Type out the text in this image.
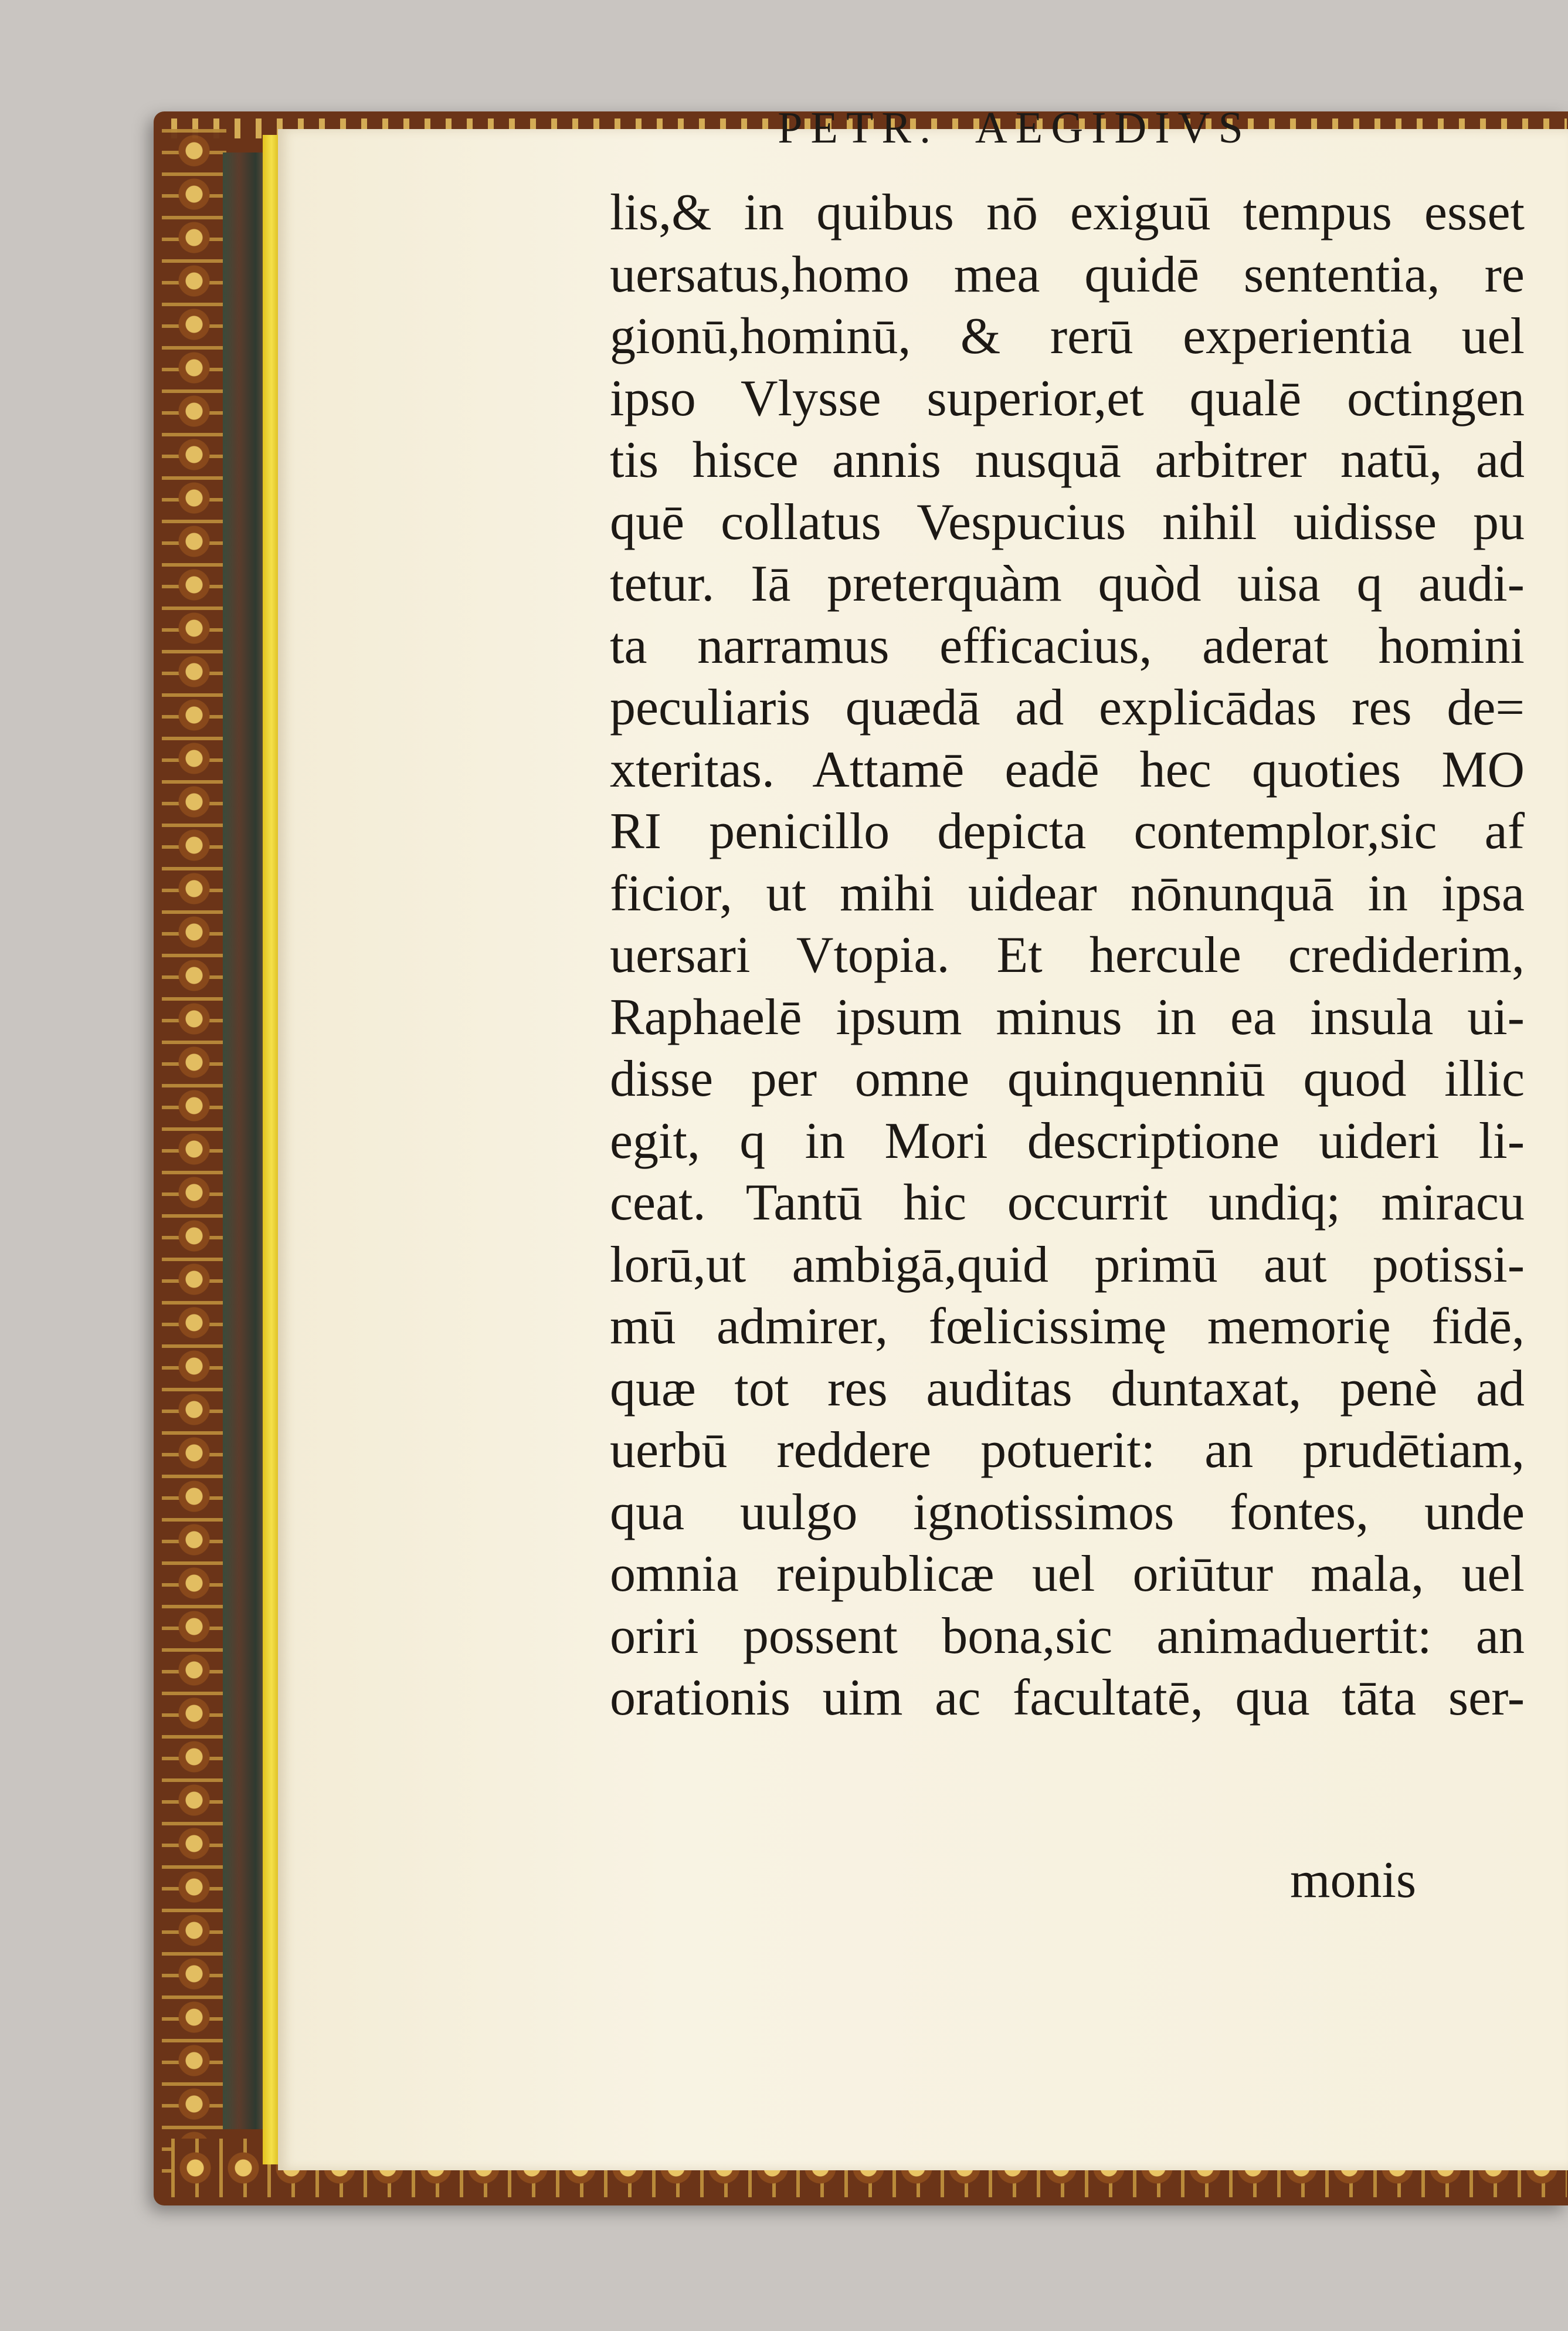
PETR.  AEGIDIVS
lis,& in quibus nō exiguū tempus esset
uersatus,homo mea quidē sententia, re
gionū,hominū, & rerū experientia uel
ipso Vlysse superior,et qualē octingen
tis hisce annis nusquā arbitrer natū, ad
quē collatus Vespucius nihil uidisse pu
tetur. Iā preterquàm quòd uisa q audi-
ta narramus efficacius, aderat homini
peculiaris quædā ad explicādas res de=
xteritas. Attamē eadē hec quoties MO
RI penicillo depicta contemplor,sic af
ficior, ut mihi uidear nōnunquā in ipsa
uersari Vtopia. Et hercule crediderim,
Raphaelē ipsum minus in ea insula ui-
disse per omne quinquenniū quod illic
egit, q in Mori descriptione uideri li-
ceat. Tantū hic occurrit undiq; miracu
lorū,ut ambigā,quid primū aut potissi-
mū admirer, fœlicissimę memorię fidē,
quæ tot res auditas duntaxat, penè ad
uerbū reddere potuerit: an prudētiam,
qua uulgo ignotissimos fontes, unde
omnia reipublicæ uel oriūtur mala, uel
oriri possent bona,sic animaduertit: an
orationis uim ac facultatē, qua tāta ser-
monis
